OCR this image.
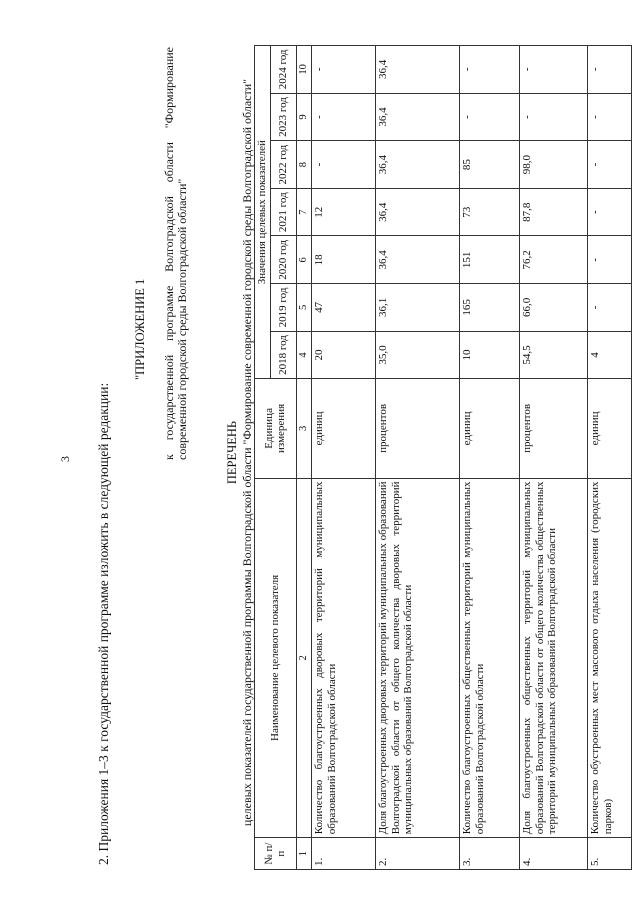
3 2. Приложения 1–3 к государственной программе изложить в следующей редакции:
"ПРИЛОЖЕНИЕ 1 к государственной программе Волгоградской области "Формирование современной городской среды Волгоградской области"	ПЕРЕЧЕНЬ целевых показателей государственной программы Волгоградской области "Формирование современной городской среды Волгоградской области"
№ п/п	Наименование целевого показателя	Единица измерения	Значения целевых показателей						
			2018 год	2019 год	2020 год	2021 год	2022 год	2023 год	2024 год
1	2	3	4	5	6	7	8	9	10
1.	Количество благоустроенных дворовых территорий муниципальных образований Волгоградской области	единиц	20	47	18	12	-	-	-
2.	Доля благоустроенных дворовых территорий муниципальных образований Волгоградской области от общего количества дворовых территорий муниципальных образований Волгоградской области	процентов	35,0	36,1	36,4	36,4	36,4	36,4	36,4
3.	Количество благоустроенных общественных территорий муниципальных образований Волгоградской области	единиц	10	165	151	73	85	-	-
4.	Доля благоустроенных общественных территорий муниципальных образований Волгоградской области от общего количества общественных территорий муниципальных образований Волгоградской области	процентов	54,5	66,0	76,2	87,8	98,0	-	-
5.	Количество обустроенных мест массового отдыха населения (городских парков)	единиц	4	-	-	-	-	-	-
